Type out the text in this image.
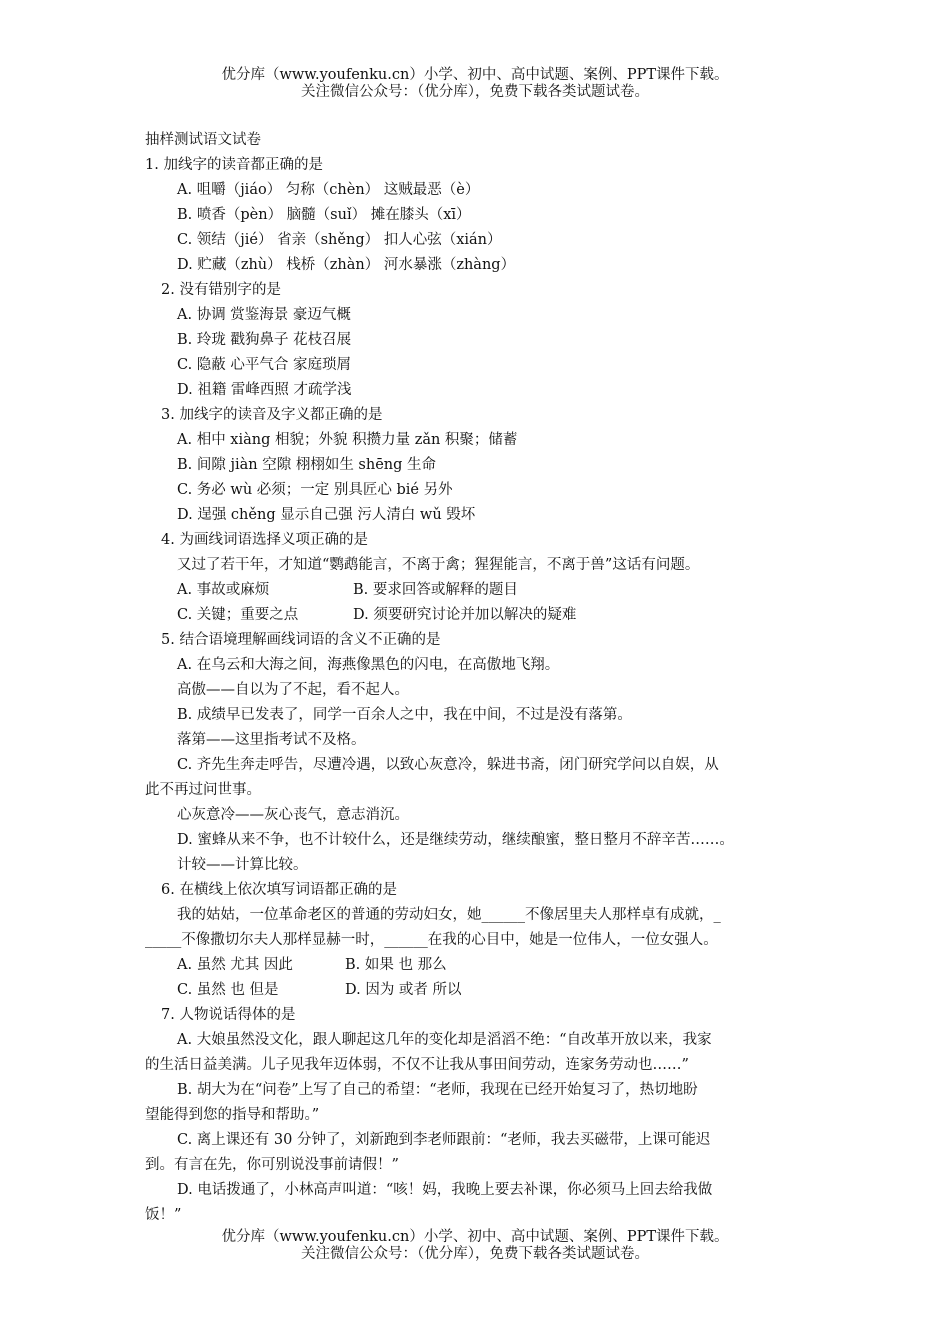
优分库（www.youfenku.cn）小学、初中、高中试题、案例、PPT课件下载。
关注微信公众号：（优分库），免费下载各类试题试卷。
抽样测试语文试卷
1. 加线字的读音都正确的是
A. 咀嚼（jiáo） 匀称（chèn） 这贼最恶（è）
B. 喷香（pèn） 脑髓（suǐ） 摊在膝头（xī）
C. 领结（jié） 省亲（shěng） 扣人心弦（xián）
D. 贮藏（zhù） 栈桥（zhàn） 河水暴涨（zhàng）
2. 没有错别字的是
A. 协调 赏鉴海景 豪迈气概
B. 玲珑 戳狗鼻子 花枝召展
C. 隐蔽 心平气合 家庭琐屑
D. 祖籍 雷峰西照 才疏学浅
3. 加线字的读音及字义都正确的是
A. 相中 xiàng 相貌；外貌 积攒力量 zǎn 积聚；储蓄
B. 间隙 jiàn 空隙 栩栩如生 shēng 生命
C. 务必 wù 必须；一定 别具匠心 bié 另外
D. 逞强 chěng 显示自己强 污人清白 wǔ 毁坏
4. 为画线词语选择义项正确的是
又过了若干年，才知道“鹦鹉能言，不离于禽；猩猩能言，不离于兽”这话有问题。
A. 事故或麻烦	B. 要求回答或解释的题目
C. 关键；重要之点	D. 须要研究讨论并加以解决的疑难
5. 结合语境理解画线词语的含义不正确的是
A. 在乌云和大海之间，海燕像黑色的闪电，在高傲地飞翔。
高傲——自以为了不起，看不起人。
B. 成绩早已发表了，同学一百余人之中，我在中间，不过是没有落第。
落第——这里指考试不及格。
C. 齐先生奔走呼告，尽遭冷遇，以致心灰意冷，躲进书斋，闭门研究学问以自娱，从
此不再过问世事。
心灰意冷——灰心丧气，意志消沉。
D. 蜜蜂从来不争，也不计较什么，还是继续劳动，继续酿蜜，整日整月不辞辛苦……。
计较——计算比较。
6. 在横线上依次填写词语都正确的是
我的姑姑，一位革命老区的普通的劳动妇女，她______不像居里夫人那样卓有成就，_
_____不像撒切尔夫人那样显赫一时，______在我的心目中，她是一位伟人，一位女强人。
A. 虽然 尤其 因此	B. 如果 也 那么
C. 虽然 也 但是	D. 因为 或者 所以
7. 人物说话得体的是
A. 大娘虽然没文化，跟人聊起这几年的变化却是滔滔不绝：“自改革开放以来，我家
的生活日益美满。儿子见我年迈体弱，不仅不让我从事田间劳动，连家务劳动也……”
B. 胡大为在“问卷”上写了自己的希望：“老师，我现在已经开始复习了，热切地盼
望能得到您的指导和帮助。”
C. 离上课还有 30 分钟了，刘新跑到李老师跟前：“老师，我去买磁带，上课可能迟
到。有言在先，你可别说没事前请假！”
D. 电话拨通了，小林高声叫道：“咳！妈，我晚上要去补课，你必须马上回去给我做
饭！”
优分库（www.youfenku.cn）小学、初中、高中试题、案例、PPT课件下载。
关注微信公众号：（优分库），免费下载各类试题试卷。
